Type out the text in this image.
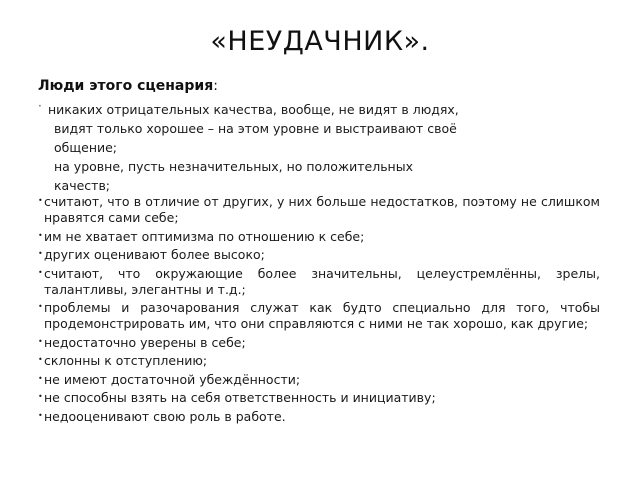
«НЕУДАЧНИК».
Люди этого сценария:
· никаких отрицательных качества, вообще, не видят в людях,
видят только хорошее – на этом уровне и выстраивают своё
общение;
на уровне, пусть незначительных, но положительных
качеств;
• считают, что в отличие от других, у них больше недостатков, поэтому не слишком нравятся сами себе;
• им не хватает оптимизма по отношению к себе;
• других оценивают более высоко;
• считают, что окружающие более значительны, целеустремлённы, зрелы, талантливы, элегантны и т.д.;
• проблемы и разочарования служат как будто специально для того, чтобы продемонстрировать им, что они справляются с ними не так хорошо, как другие;
• недостаточно уверены в себе;
• склонны к отступлению;
• не имеют достаточной убеждённости;
• не способны взять на себя ответственность и инициативу;
• недооценивают свою роль в работе.
